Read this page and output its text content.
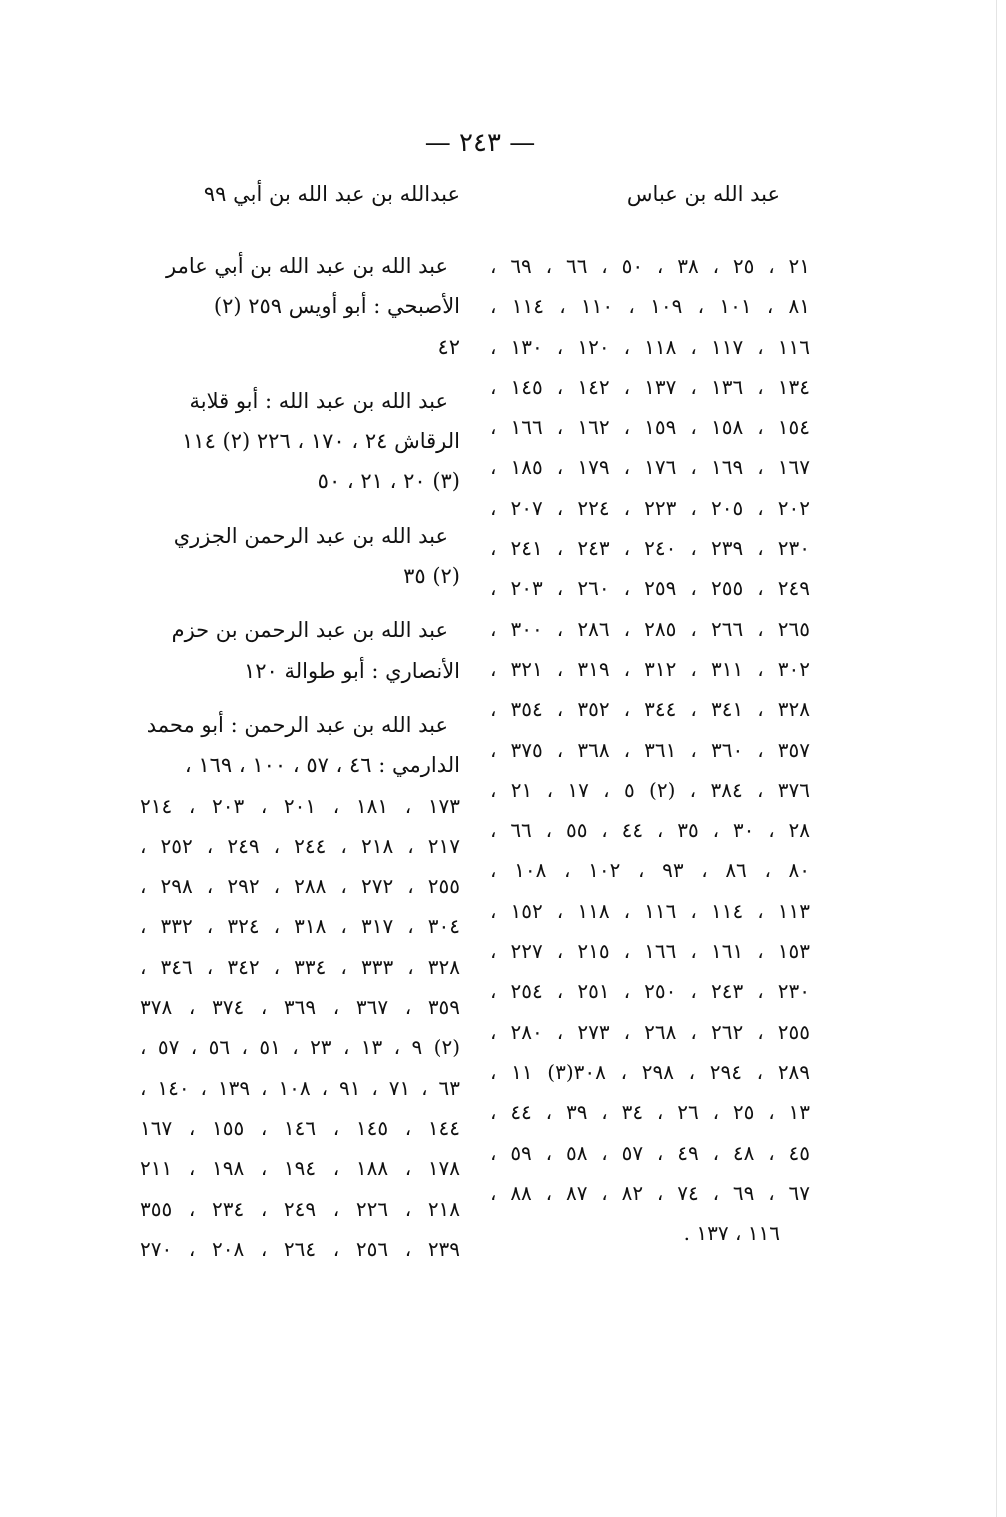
— ٢٤٣ —
عبد الله بن عباس
٢١ ، ٢٥ ، ٣٨ ، ٥٠ ، ٦٦ ، ٦٩ ،
٨١ ، ١٠١ ، ١٠٩ ، ١١٠ ، ١١٤ ،
١١٦ ، ١١٧ ، ١١٨ ، ١٢٠ ، ١٣٠ ،
١٣٤ ، ١٣٦ ، ١٣٧ ، ١٤٢ ، ١٤٥ ،
١٥٤ ، ١٥٨ ، ١٥٩ ، ١٦٢ ، ١٦٦ ،
١٦٧ ، ١٦٩ ، ١٧٦ ، ١٧٩ ، ١٨٥ ،
٢٠٢ ، ٢٠٥ ، ٢٢٣ ، ٢٢٤ ، ٢٠٧ ،
٢٣٠ ، ٢٣٩ ، ٢٤٠ ، ٢٤٣ ، ٢٤١ ،
٢٤٩ ، ٢٥٥ ، ٢٥٩ ، ٢٦٠ ، ٢٠٣ ،
٢٦٥ ، ٢٦٦ ، ٢٨٥ ، ٢٨٦ ، ٣٠٠ ،
٣٠٢ ، ٣١١ ، ٣١٢ ، ٣١٩ ، ٣٢١ ،
٣٢٨ ، ٣٤١ ، ٣٤٤ ، ٣٥٢ ، ٣٥٤ ،
٣٥٧ ، ٣٦٠ ، ٣٦١ ، ٣٦٨ ، ٣٧٥ ،
٣٧٦ ، ٣٨٤ ، (٢) ٥ ، ١٧ ، ٢١ ،
٢٨ ، ٣٠ ، ٣٥ ، ٤٤ ، ٥٥ ، ٦٦ ،
٨٠ ، ٨٦ ، ٩٣ ، ١٠٢ ، ١٠٨ ،
١١٣ ، ١١٤ ، ١١٦ ، ١١٨ ، ١٥٢ ،
١٥٣ ، ١٦١ ، ١٦٦ ، ٢١٥ ، ٢٢٧ ،
٢٣٠ ، ٢٤٣ ، ٢٥٠ ، ٢٥١ ، ٢٥٤ ،
٢٥٥ ، ٢٦٢ ، ٢٦٨ ، ٢٧٣ ، ٢٨٠ ،
٢٨٩ ، ٢٩٤ ، ٢٩٨ ، ٣٠٨(٣) ١١ ،
١٣ ، ٢٥ ، ٢٦ ، ٣٤ ، ٣٩ ، ٤٤ ،
٤٥ ، ٤٨ ، ٤٩ ، ٥٧ ، ٥٨ ، ٥٩ ،
٦٧ ، ٦٩ ، ٧٤ ، ٨٢ ، ٨٧ ، ٨٨ ،
١١٦ ، ١٣٧ .
عبدالله بن عبد الله بن أبي ٩٩
عبد الله بن عبد الله بن أبي عامر
الأصبحي : أبو أويس ٢٥٩ (٢)
٤٢
عبد الله بن عبد الله : أبو قلابة
الرقاش ٢٤ ، ١٧٠ ، ٢٢٦ (٢) ١١٤
(٣) ٢٠ ، ٢١ ، ٥٠
عبد الله بن عبد الرحمن الجزري
(٢) ٣٥
عبد الله بن عبد الرحمن بن حزم
الأنصاري : أبو طوالة ١٢٠
عبد الله بن عبد الرحمن : أبو محمد
الدارمي : ٤٦ ، ٥٧ ، ١٠٠ ، ١٦٩ ،
١٧٣ ، ١٨١ ، ٢٠١ ، ٢٠٣ ، ٢١٤
٢١٧ ، ٢١٨ ، ٢٤٤ ، ٢٤٩ ، ٢٥٢ ،
٢٥٥ ، ٢٧٢ ، ٢٨٨ ، ٢٩٢ ، ٢٩٨ ،
٣٠٤ ، ٣١٧ ، ٣١٨ ، ٣٢٤ ، ٣٣٢ ،
٣٢٨ ، ٣٣٣ ، ٣٣٤ ، ٣٤٢ ، ٣٤٦ ،
٣٥٩ ، ٣٦٧ ، ٣٦٩ ، ٣٧٤ ، ٣٧٨
(٢) ٩ ، ١٣ ، ٢٣ ، ٥١ ، ٥٦ ، ٥٧ ،
٦٣ ، ٧١ ، ٩١ ، ١٠٨ ، ١٣٩ ، ١٤٠ ،
١٤٤ ، ١٤٥ ، ١٤٦ ، ١٥٥ ، ١٦٧
١٧٨ ، ١٨٨ ، ١٩٤ ، ١٩٨ ، ٢١١
٢١٨ ، ٢٢٦ ، ٢٤٩ ، ٢٣٤ ، ٣٥٥
٢٣٩ ، ٢٥٦ ، ٢٦٤ ، ٢٠٨ ، ٢٧٠
